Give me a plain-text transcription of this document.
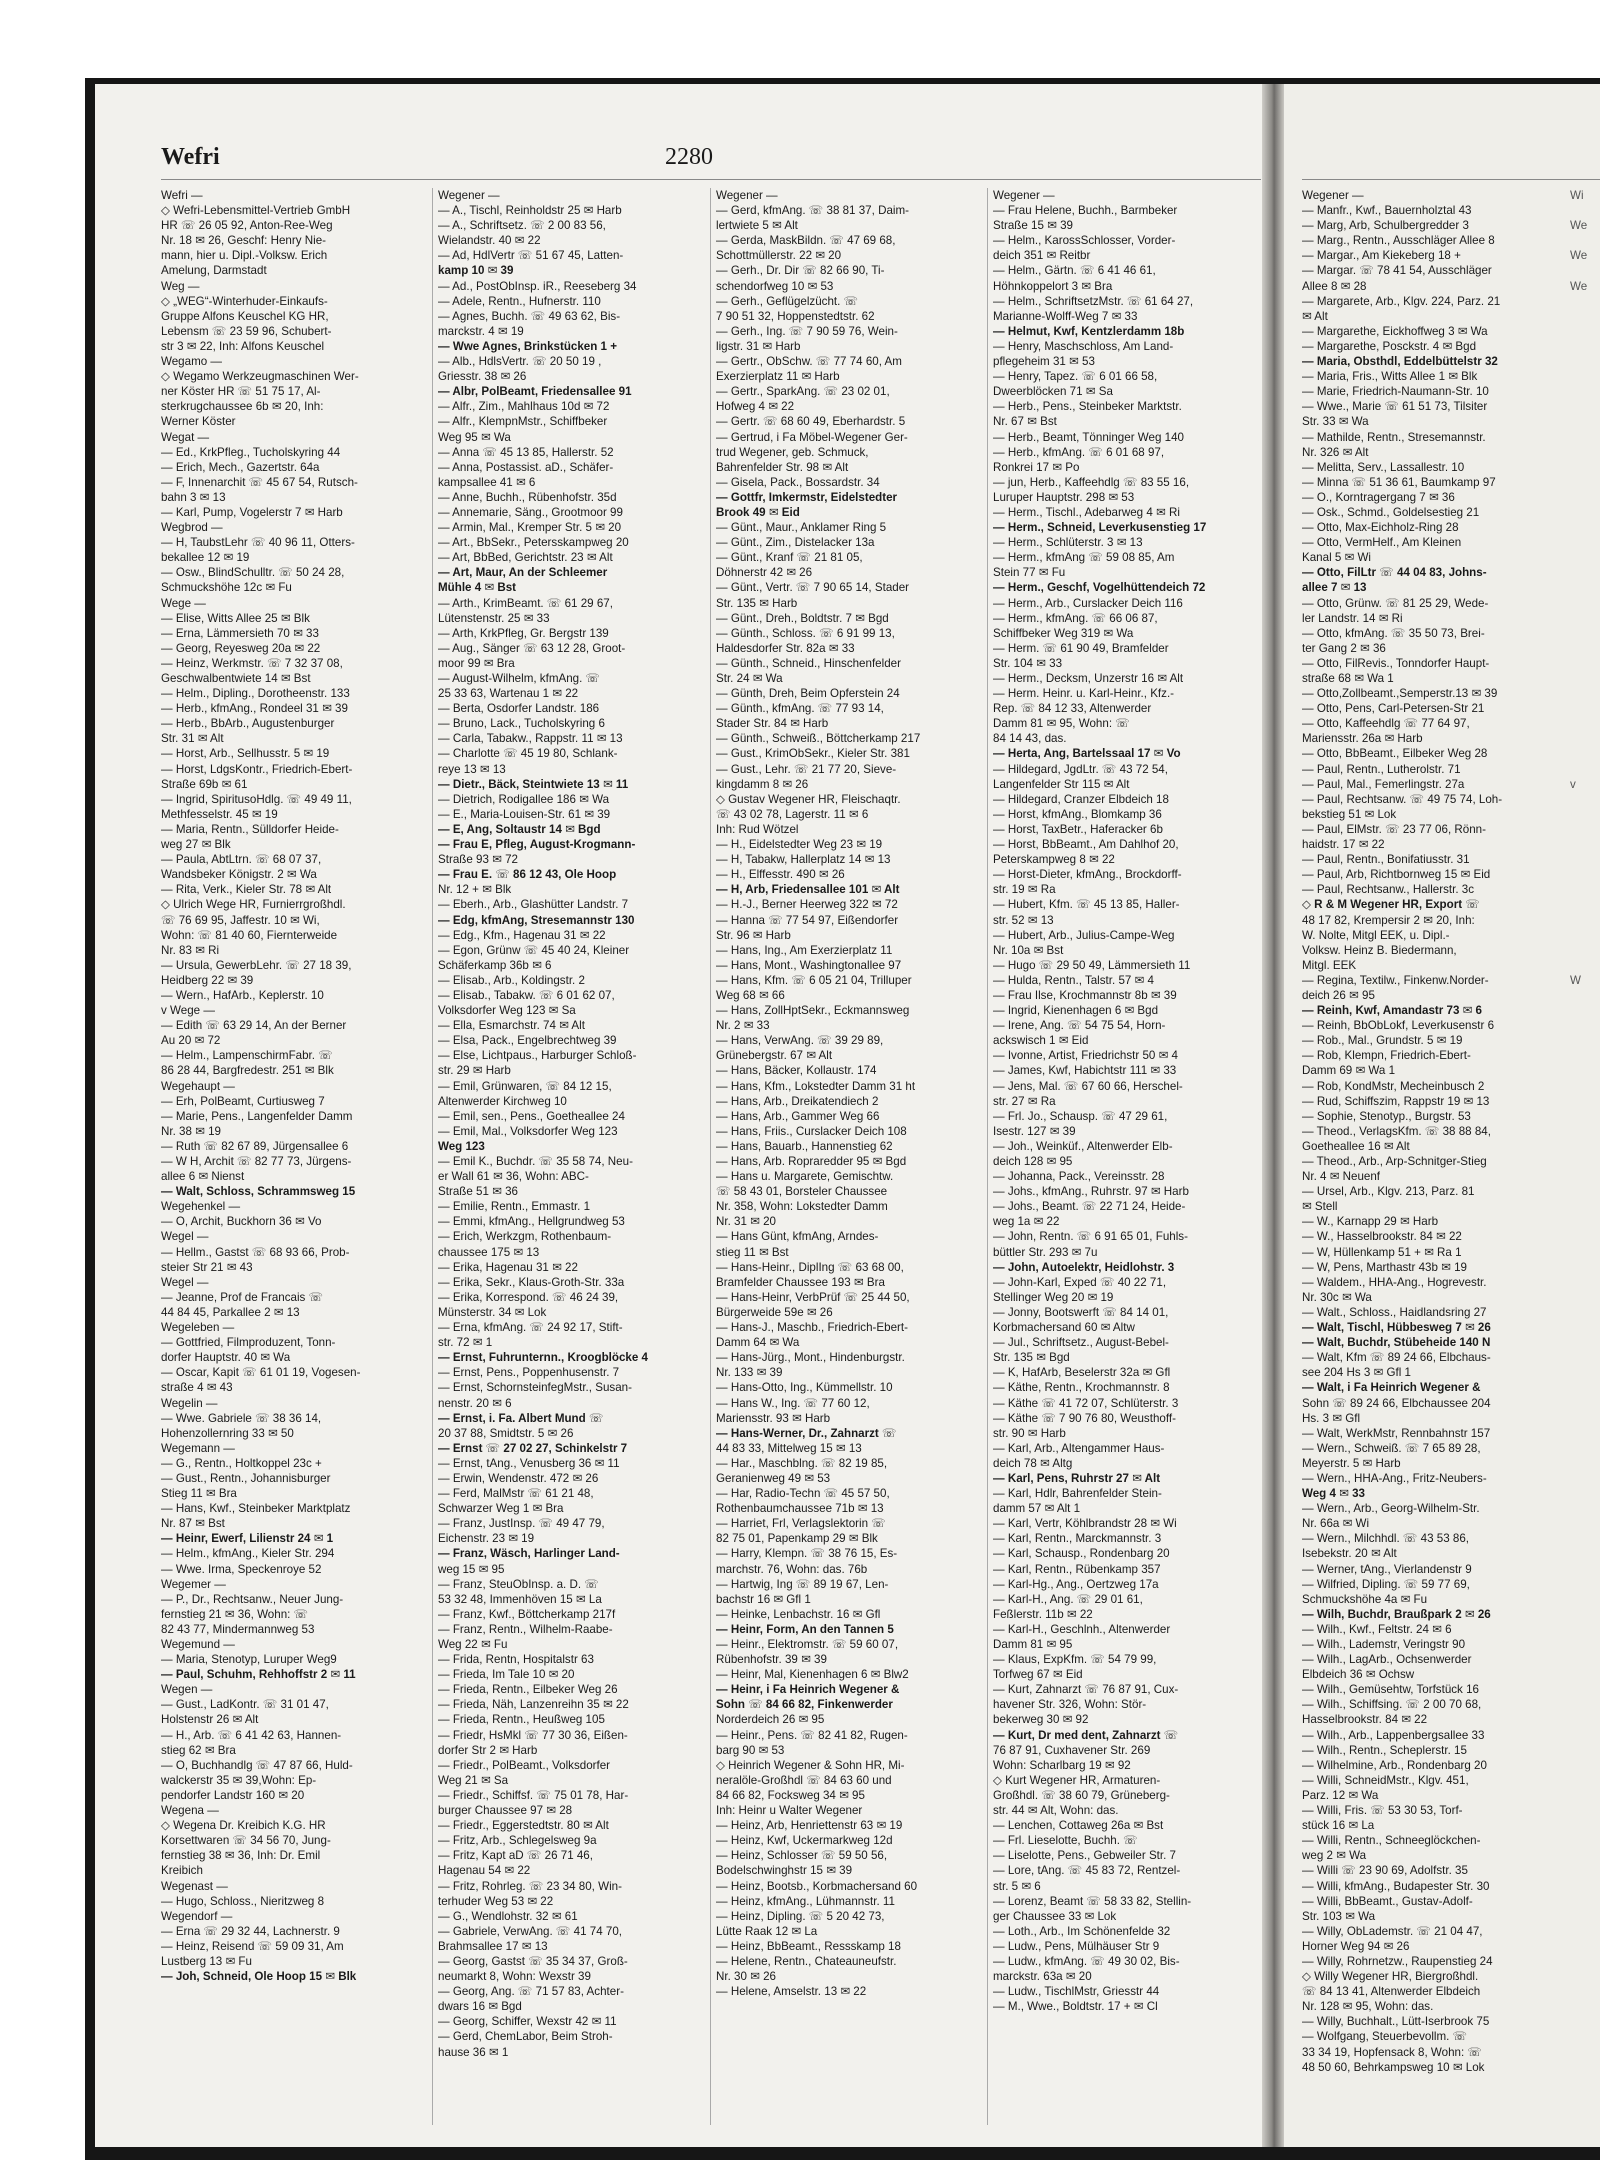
Wefri	2280
Wefri —
◇ Wefri-Lebensmittel-Vertrieb GmbH
HR ☏ 26 05 92, Anton-Ree-Weg
Nr. 18 ✉ 26, Geschf: Henry Nie-
mann, hier u. Dipl.-Volksw. Erich
Amelung, Darmstadt
Weg —
◇ „WEG“-Winterhuder-Einkaufs-
Gruppe Alfons Keuschel KG HR,
Lebensm ☏ 23 59 96, Schubert-
str 3 ✉ 22, Inh: Alfons Keuschel
Wegamo —
◇ Wegamo Werkzeugmaschinen Wer-
ner Köster HR ☏ 51 75 17, Al-
sterkrugchaussee 6b ✉ 20, Inh:
Werner Köster
Wegat —
— Ed., KrkPfleg., Tucholskyring 44
— Erich, Mech., Gazertstr. 64a
— F, Innenarchit ☏ 45 67 54, Rutsch-
bahn 3 ✉ 13
— Karl, Pump, Vogelerstr 7 ✉ Harb
Wegbrod —
— H, TaubstLehr ☏ 40 96 11, Otters-
bekallee 12 ✉ 19
— Osw., BlindSchulltr. ☏ 50 24 28,
Schmuckshöhe 12c ✉ Fu
Wege —
— Elise, Witts Allee 25 ✉ Blk
— Erna, Lämmersieth 70 ✉ 33
— Georg, Reyesweg 20a ✉ 22
— Heinz, Werkmstr. ☏ 7 32 37 08,
Geschwalbentwiete 14 ✉ Bst
— Helm., Dipling., Dorotheenstr. 133
— Herb., kfmAng., Rondeel 31 ✉ 39
— Herb., BbArb., Augustenburger
Str. 31 ✉ Alt
— Horst, Arb., Sellhusstr. 5 ✉ 19
— Horst, LdgsKontr., Friedrich-Ebert-
Straße 69b ✉ 61
— Ingrid, SpiritusoHdlg. ☏ 49 49 11,
Methfesselstr. 45 ✉ 19
— Maria, Rentn., Sülldorfer Heide-
weg 27 ✉ Blk
— Paula, AbtLtrn. ☏ 68 07 37,
Wandsbeker Königstr. 2 ✉ Wa
— Rita, Verk., Kieler Str. 78 ✉ Alt
◇ Ulrich Wege HR, Furnierrgroßhdl.
☏ 76 69 95, Jaffestr. 10 ✉ Wi,
Wohn: ☏ 81 40 60, Fiernterweide
Nr. 83 ✉ Ri
— Ursula, GewerbLehr. ☏ 27 18 39,
Heidberg 22 ✉ 39
— Wern., HafArb., Keplerstr. 10
v Wege —
— Edith ☏ 63 29 14, An der Berner
Au 20 ✉ 72
— Helm., LampenschirmFabr. ☏
86 28 44, Bargfredestr. 251 ✉ Blk
Wegehaupt —
— Erh, PolBeamt, Curtiusweg 7
— Marie, Pens., Langenfelder Damm
Nr. 38 ✉ 19
— Ruth ☏ 82 67 89, Jürgensallee 6
— W H, Archit ☏ 82 77 73, Jürgens-
allee 6 ✉ Nienst
— Walt, Schloss, Schrammsweg 15
Wegehenkel —
— O, Archit, Buckhorn 36 ✉ Vo
Wegel —
— Hellm., Gastst ☏ 68 93 66, Prob-
steier Str 21 ✉ 43
Wegel —
— Jeanne, Prof de Francais ☏
44 84 45, Parkallee 2 ✉ 13
Wegeleben —
— Gottfried, Filmproduzent, Tonn-
dorfer Hauptstr. 40 ✉ Wa
— Oscar, Kapit ☏ 61 01 19, Vogesen-
straße 4 ✉ 43
Wegelin —
— Wwe. Gabriele ☏ 38 36 14,
Hohenzollernring 33 ✉ 50
Wegemann —
— G., Rentn., Holtkoppel 23c +
— Gust., Rentn., Johannisburger
Stieg 11 ✉ Bra
— Hans, Kwf., Steinbeker Marktplatz
Nr. 87 ✉ Bst
— Heinr, Ewerf, Lilienstr 24 ✉ 1
— Helm., kfmAng., Kieler Str. 294
— Wwe. Irma, Speckenroye 52
Wegemer —
— P., Dr., Rechtsanw., Neuer Jung-
fernstieg 21 ✉ 36, Wohn: ☏
82 43 77, Mindermannweg 53
Wegemund —
— Maria, Stenotyp, Luruper Weg9
— Paul, Schuhm, Rehhoffstr 2 ✉ 11
Wegen —
— Gust., LadKontr. ☏ 31 01 47,
Holstenstr 26 ✉ Alt
— H., Arb. ☏ 6 41 42 63, Hannen-
stieg 62 ✉ Bra
— O, Buchhandlg ☏ 47 87 66, Huld-
walckerstr 35 ✉ 39,Wohn: Ep-
pendorfer Landstr 160 ✉ 20
Wegena —
◇ Wegena Dr. Kreibich K.G. HR
Korsettwaren ☏ 34 56 70, Jung-
fernstieg 38 ✉ 36, Inh: Dr. Emil
Kreibich
Wegenast —
— Hugo, Schloss., Nieritzweg 8
Wegendorf —
— Erna ☏ 29 32 44, Lachnerstr. 9
— Heinz, Reisend ☏ 59 09 31, Am
Lustberg 13 ✉ Fu
— Joh, Schneid, Ole Hoop 15 ✉ Blk
Wegener —
— A., Tischl, Reinholdstr 25 ✉ Harb
— A., Schriftsetz. ☏ 2 00 83 56,
Wielandstr. 40 ✉ 22
— Ad, HdlVertr ☏ 51 67 45, Latten-
kamp 10 ✉ 39
— Ad., PostObInsp. iR., Reeseberg 34
— Adele, Rentn., Hufnerstr. 110
— Agnes, Buchh. ☏ 49 63 62, Bis-
marckstr. 4 ✉ 19
— Wwe Agnes, Brinkstücken 1 +
— Alb., HdlsVertr. ☏ 20 50 19 ,
Griesstr. 38 ✉ 26
— Albr, PolBeamt, Friedensallee 91
— Alfr., Zim., Mahlhaus 10d ✉ 72
— Alfr., KlempnMstr., Schiffbeker
Weg 95 ✉ Wa
— Anna ☏ 45 13 85, Hallerstr. 52
— Anna, Postassist. aD., Schäfer-
kampsallee 41 ✉ 6
— Anne, Buchh., Rübenhofstr. 35d
— Annemarie, Säng., Grootmoor 99
— Armin, Mal., Kremper Str. 5 ✉ 20
— Art., BbSekr., Petersskampweg 20
— Art, BbBed, Gerichtstr. 23 ✉ Alt
— Art, Maur, An der Schleemer
Mühle 4 ✉ Bst
— Arth., KrimBeamt. ☏ 61 29 67,
Lütenstenstr. 25 ✉ 33
— Arth, KrkPfleg, Gr. Bergstr 139
— Aug., Sänger ☏ 63 12 28, Groot-
moor 99 ✉ Bra
— August-Wilhelm, kfmAng. ☏
25 33 63, Wartenau 1 ✉ 22
— Berta, Osdorfer Landstr. 186
— Bruno, Lack., Tucholskyring 6
— Carla, Tabakw., Rappstr. 11 ✉ 13
— Charlotte ☏ 45 19 80, Schlank-
reye 13 ✉ 13
— Dietr., Bäck, Steintwiete 13 ✉ 11
— Dietrich, Rodigallee 186 ✉ Wa
— E., Maria-Louisen-Str. 61 ✉ 39
— E, Ang, Soltaustr 14 ✉ Bgd
— Frau E, Pfleg, August-Krogmann-
Straße 93 ✉ 72
— Frau E. ☏ 86 12 43, Ole Hoop
Nr. 12 + ✉ Blk
— Eberh., Arb., Glashütter Landstr. 7
— Edg, kfmAng, Stresemannstr 130
— Edg., Kfm., Hagenau 31 ✉ 22
— Egon, Grünw ☏ 45 40 24, Kleiner
Schäferkamp 36b ✉ 6
— Elisab., Arb., Koldingstr. 2
— Elisab., Tabakw. ☏ 6 01 62 07,
Volksdorfer Weg 123 ✉ Sa
— Ella, Esmarchstr. 74 ✉ Alt
— Elsa, Pack., Engelbrechtweg 39
— Else, Lichtpaus., Harburger Schloß-
str. 29 ✉ Harb
— Emil, Grünwaren, ☏ 84 12 15,
Altenwerder Kirchweg 10
— Emil, sen., Pens., Goetheallee 24
— Emil, Mal., Volksdorfer Weg 123
Weg 123
— Emil K., Buchdr. ☏ 35 58 74, Neu-
er Wall 61 ✉ 36, Wohn: ABC-
Straße 51 ✉ 36
— Emilie, Rentn., Emmastr. 1
— Emmi, kfmAng., Hellgrundweg 53
— Erich, Werkzgm, Rothenbaum-
chaussee 175 ✉ 13
— Erika, Hagenau 31 ✉ 22
— Erika, Sekr., Klaus-Groth-Str. 33a
— Erika, Korrespond. ☏ 46 24 39,
Münsterstr. 34 ✉ Lok
— Erna, kfmAng. ☏ 24 92 17, Stift-
str. 72 ✉ 1
— Ernst, Fuhrunternn., Kroogblöcke 4
— Ernst, Pens., Poppenhusenstr. 7
— Ernst, SchornsteinfegMstr., Susan-
nenstr. 20 ✉ 6
— Ernst, i. Fa. Albert Mund ☏
20 37 88, Smidtstr. 5 ✉ 26
— Ernst ☏ 27 02 27, Schinkelstr 7
— Ernst, tAng., Venusberg 36 ✉ 11
— Erwin, Wendenstr. 472 ✉ 26
— Ferd, MalMstr ☏ 61 21 48,
Schwarzer Weg 1 ✉ Bra
— Franz, JustInsp. ☏ 49 47 79,
Eichenstr. 23 ✉ 19
— Franz, Wäsch, Harlinger Land-
weg 15 ✉ 95
— Franz, SteuObInsp. a. D. ☏
53 32 48, Immenhöven 15 ✉ La
— Franz, Kwf., Böttcherkamp 217f
— Franz, Rentn., Wilhelm-Raabe-
Weg 22 ✉ Fu
— Frida, Rentn, Hospitalstr 63
— Frieda, Im Tale 10 ✉ 20
— Frieda, Rentn., Eilbeker Weg 26
— Frieda, Näh, Lanzenreihn 35 ✉ 22
— Frieda, Rentn., Heußweg 105
— Friedr, HsMkl ☏ 77 30 36, Eißen-
dorfer Str 2 ✉ Harb
— Friedr., PolBeamt., Volksdorfer
Weg 21 ✉ Sa
— Friedr., Schiffsf. ☏ 75 01 78, Har-
burger Chaussee 97 ✉ 28
— Friedr., Eggerstedtstr. 80 ✉ Alt
— Fritz, Arb., Schlegelsweg 9a
— Fritz, Kapt aD ☏ 26 71 46,
Hagenau 54 ✉ 22
— Fritz, Rohrleg. ☏ 23 34 80, Win-
terhuder Weg 53 ✉ 22
— G., Wendlohstr. 32 ✉ 61
— Gabriele, VerwAng. ☏ 41 74 70,
Brahmsallee 17 ✉ 13
— Georg, Gastst ☏ 35 34 37, Groß-
neumarkt 8, Wohn: Wexstr 39
— Georg, Ang. ☏ 71 57 83, Achter-
dwars 16 ✉ Bgd
— Georg, Schiffer, Wexstr 42 ✉ 11
— Gerd, ChemLabor, Beim Stroh-
hause 36 ✉ 1
Wegener —
— Gerd, kfmAng. ☏ 38 81 37, Daim-
lertwiete 5 ✉ Alt
— Gerda, MaskBildn. ☏ 47 69 68,
Schottmüllerstr. 22 ✉ 20
— Gerh., Dr. Dir ☏ 82 66 90, Ti-
schendorfweg 10 ✉ 53
— Gerh., Geflügelzücht. ☏
7 90 51 32, Hoppenstedtstr. 62
— Gerh., Ing. ☏ 7 90 59 76, Wein-
ligstr. 31 ✉ Harb
— Gertr., ObSchw. ☏ 77 74 60, Am
Exerzierplatz 11 ✉ Harb
— Gertr., SparkAng. ☏ 23 02 01,
Hofweg 4 ✉ 22
— Gertr. ☏ 68 60 49, Eberhardstr. 5
— Gertrud, i Fa Möbel-Wegener Ger-
trud Wegener, geb. Schmuck,
Bahrenfelder Str. 98 ✉ Alt
— Gisela, Pack., Bossardstr. 34
— Gottfr, Imkermstr, Eidelstedter
Brook 49 ✉ Eid
— Günt., Maur., Anklamer Ring 5
— Günt., Zim., Distelacker 13a
— Günt., Kranf ☏ 21 81 05,
Döhnerstr 42 ✉ 26
— Günt., Vertr. ☏ 7 90 65 14, Stader
Str. 135 ✉ Harb
— Günt., Dreh., Boldtstr. 7 ✉ Bgd
— Günth., Schloss. ☏ 6 91 99 13,
Haldesdorfer Str. 82a ✉ 33
— Günth., Schneid., Hinschenfelder
Str. 24 ✉ Wa
— Günth, Dreh, Beim Opferstein 24
— Günth., kfmAng. ☏ 77 93 14,
Stader Str. 84 ✉ Harb
— Günth., Schweiß., Böttcherkamp 217
— Gust., KrimObSekr., Kieler Str. 381
— Gust., Lehr. ☏ 21 77 20, Sieve-
kingdamm 8 ✉ 26
◇ Gustav Wegener HR, Fleischaqtr.
☏ 43 02 78, Lagerstr. 11 ✉ 6
Inh: Rud Wötzel
— H., Eidelstedter Weg 23 ✉ 19
— H, Tabakw, Hallerplatz 14 ✉ 13
— H., Elffesstr. 490 ✉ 26
— H, Arb, Friedensallee 101 ✉ Alt
— H.-J., Berner Heerweg 322 ✉ 72
— Hanna ☏ 77 54 97, Eißendorfer
Str. 96 ✉ Harb
— Hans, Ing., Am Exerzierplatz 11
— Hans, Mont., Washingtonallee 97
— Hans, Kfm. ☏ 6 05 21 04, Trilluper
Weg 68 ✉ 66
— Hans, ZollHptSekr., Eckmannsweg
Nr. 2 ✉ 33
— Hans, VerwAng. ☏ 39 29 89,
Grünebergstr. 67 ✉ Alt
— Hans, Bäcker, Kollaustr. 174
— Hans, Kfm., Lokstedter Damm 31 ht
— Hans, Arb., Dreikatendiech 2
— Hans, Arb., Gammer Weg 66
— Hans, Friis., Curslacker Deich 108
— Hans, Bauarb., Hannenstieg 62
— Hans, Arb. Ropraredder 95 ✉ Bgd
— Hans u. Margarete, Gemischtw.
☏ 58 43 01, Borsteler Chaussee
Nr. 358, Wohn: Lokstedter Damm
Nr. 31 ✉ 20
— Hans Günt, kfmAng, Arndes-
stieg 11 ✉ Bst
— Hans-Heinr., DiplIng ☏ 63 68 00,
Bramfelder Chaussee 193 ✉ Bra
— Hans-Heinr, VerbPrüf ☏ 25 44 50,
Bürgerweide 59e ✉ 26
— Hans-J., Maschb., Friedrich-Ebert-
Damm 64 ✉ Wa
— Hans-Jürg., Mont., Hindenburgstr.
Nr. 133 ✉ 39
— Hans-Otto, Ing., Kümmellstr. 10
— Hans W., Ing. ☏ 77 60 12,
Mariensstr. 93 ✉ Harb
— Hans-Werner, Dr., Zahnarzt ☏
44 83 33, Mittelweg 15 ✉ 13
— Har., Maschblng. ☏ 82 19 85,
Geranienweg 49 ✉ 53
— Har, Radio-Techn ☏ 45 57 50,
Rothenbaumchaussee 71b ✉ 13
— Harriet, Frl, Verlagslektorin ☏
82 75 01, Papenkamp 29 ✉ Blk
— Harry, Klempn. ☏ 38 76 15, Es-
marchstr. 76, Wohn: das. 76b
— Hartwig, Ing ☏ 89 19 67, Len-
bachstr 16 ✉ Gfl 1
— Heinke, Lenbachstr. 16 ✉ Gfl
— Heinr, Form, An den Tannen 5
— Heinr., Elektromstr. ☏ 59 60 07,
Rübenhofstr. 39 ✉ 39
— Heinr, Mal, Kienenhagen 6 ✉ Blw2
— Heinr, i Fa Heinrich Wegener &
Sohn ☏ 84 66 82, Finkenwerder
Norderdeich 26 ✉ 95
— Heinr., Pens. ☏ 82 41 82, Rugen-
barg 90 ✉ 53
◇ Heinrich Wegener & Sohn HR, Mi-
neralöle-Großhdl ☏ 84 63 60 und
84 66 82, Focksweg 34 ✉ 95
Inh: Heinr u Walter Wegener
— Heinz, Arb, Henriettenstr 63 ✉ 19
— Heinz, Kwf, Uckermarkweg 12d
— Heinz, Schlosser ☏ 59 50 56,
Bodelschwinghstr 15 ✉ 39
— Heinz, Bootsb., Korbmachersand 60
— Heinz, kfmAng., Lühmannstr. 11
— Heinz, Dipling. ☏ 5 20 42 73,
Lütte Raak 12 ✉ La
— Heinz, BbBeamt., Ressskamp 18
— Helene, Rentn., Chateauneufstr.
Nr. 30 ✉ 26
— Helene, Amselstr. 13 ✉ 22
Wegener —
— Frau Helene, Buchh., Barmbeker
Straße 15 ✉ 39
— Helm., KarossSchlosser, Vorder-
deich 351 ✉ Reitbr
— Helm., Gärtn. ☏ 6 41 46 61,
Höhnkoppelort 3 ✉ Bra
— Helm., SchriftsetzMstr. ☏ 61 64 27,
Marianne-Wolff-Weg 7 ✉ 33
— Helmut, Kwf, Kentzlerdamm 18b
— Henry, Maschschloss, Am Land-
pflegeheim 31 ✉ 53
— Henry, Tapez. ☏ 6 01 66 58,
Dweerblöcken 71 ✉ Sa
— Herb., Pens., Steinbeker Marktstr.
Nr. 67 ✉ Bst
— Herb., Beamt, Tönninger Weg 140
— Herb., kfmAng. ☏ 6 01 68 97,
Ronkrei 17 ✉ Po
— jun, Herb., Kaffeehdlg ☏ 83 55 16,
Luruper Hauptstr. 298 ✉ 53
— Herm., Tischl., Adebarweg 4 ✉ Ri
— Herm., Schneid, Leverkusenstieg 17
— Herm., Schlüterstr. 3 ✉ 13
— Herm., kfmAng ☏ 59 08 85, Am
Stein 77 ✉ Fu
— Herm., Geschf, Vogelhüttendeich 72
— Herm., Arb., Curslacker Deich 116
— Herm., kfmAng. ☏ 66 06 87,
Schiffbeker Weg 319 ✉ Wa
— Herm. ☏ 61 90 49, Bramfelder
Str. 104 ✉ 33
— Herm., Decksm, Unzerstr 16 ✉ Alt
— Herm. Heinr. u. Karl-Heinr., Kfz.-
Rep. ☏ 84 12 33, Altenwerder
Damm 81 ✉ 95, Wohn: ☏
84 14 43, das.
— Herta, Ang, Bartelssaal 17 ✉ Vo
— Hildegard, JgdLtr. ☏ 43 72 54,
Langenfelder Str 115 ✉ Alt
— Hildegard, Cranzer Elbdeich 18
— Horst, kfmAng., Blomkamp 36
— Horst, TaxBetr., Haferacker 6b
— Horst, BbBeamt., Am Dahlhof 20,
Peterskampweg 8 ✉ 22
— Horst-Dieter, kfmAng., Brockdorff-
str. 19 ✉ Ra
— Hubert, Kfm. ☏ 45 13 85, Haller-
str. 52 ✉ 13
— Hubert, Arb., Julius-Campe-Weg
Nr. 10a ✉ Bst
— Hugo ☏ 29 50 49, Lämmersieth 11
— Hulda, Rentn., Talstr. 57 ✉ 4
— Frau Ilse, Krochmannstr 8b ✉ 39
— Ingrid, Kienenhagen 6 ✉ Bgd
— Irene, Ang. ☏ 54 75 54, Horn-
ackswisch 1 ✉ Eid
— Ivonne, Artist, Friedrichstr 50 ✉ 4
— James, Kwf, Habichtstr 111 ✉ 33
— Jens, Mal. ☏ 67 60 66, Herschel-
str. 27 ✉ Ra
— Frl. Jo., Schausp. ☏ 47 29 61,
Isestr. 127 ✉ 39
— Joh., Weinküf., Altenwerder Elb-
deich 128 ✉ 95
— Johanna, Pack., Vereinsstr. 28
— Johs., kfmAng., Ruhrstr. 97 ✉ Harb
— Johs., Beamt. ☏ 22 71 24, Heide-
weg 1a ✉ 22
— John, Rentn. ☏ 6 91 65 01, Fuhls-
büttler Str. 293 ✉ 7u
— John, Autoelektr, Heidlohstr. 3
— John-Karl, Exped ☏ 40 22 71,
Stellinger Weg 20 ✉ 19
— Jonny, Bootswerft ☏ 84 14 01,
Korbmachersand 60 ✉ Altw
— Jul., Schriftsetz., August-Bebel-
Str. 135 ✉ Bgd
— K, HafArb, Beselerstr 32a ✉ Gfl
— Käthe, Rentn., Krochmannstr. 8
— Käthe ☏ 41 72 07, Schlüterstr. 3
— Käthe ☏ 7 90 76 80, Weusthoff-
str. 90 ✉ Harb
— Karl, Arb., Altengammer Haus-
deich 78 ✉ Altg
— Karl, Pens, Ruhrstr 27 ✉ Alt
— Karl, Hdlr, Bahrenfelder Stein-
damm 57 ✉ Alt 1
— Karl, Vertr, Köhlbrandstr 28 ✉ Wi
— Karl, Rentn., Marckmannstr. 3
— Karl, Schausp., Rondenbarg 20
— Karl, Rentn., Rübenkamp 357
— Karl-Hg., Ang., Oertzweg 17a
— Karl-H., Ang. ☏ 29 01 61,
Feßlerstr. 11b ✉ 22
— Karl-H., Geschlnh., Altenwerder
Damm 81 ✉ 95
— Klaus, ExpKfm. ☏ 54 79 99,
Torfweg 67 ✉ Eid
— Kurt, Zahnarzt ☏ 76 87 91, Cux-
havener Str. 326, Wohn: Stör-
bekerweg 30 ✉ 92
— Kurt, Dr med dent, Zahnarzt ☏
76 87 91, Cuxhavener Str. 269
Wohn: Scharlbarg 19 ✉ 92
◇ Kurt Wegener HR, Armaturen-
Großhdl. ☏ 38 60 79, Grüneberg-
str. 44 ✉ Alt, Wohn: das.
— Lenchen, Cottaweg 26a ✉ Bst
— Frl. Lieselotte, Buchh. ☏
— Liselotte, Pens., Gebweiler Str. 7
— Lore, tAng. ☏ 45 83 72, Rentzel-
str. 5 ✉ 6
— Lorenz, Beamt ☏ 58 33 82, Stellin-
ger Chaussee 33 ✉ Lok
— Loth., Arb., Im Schönenfelde 32
— Ludw., Pens, Mülhäuser Str 9
— Ludw., kfmAng. ☏ 49 30 02, Bis-
marckstr. 63a ✉ 20
— Ludw., TischlMstr, Griesstr 44
— M., Wwe., Boldtstr. 17 + ✉ Cl
Wegener —
— Manfr., Kwf., Bauernholztal 43
— Marg, Arb, Schulbergredder 3
— Marg., Rentn., Ausschläger Allee 8
— Margar., Am Kiekeberg 18 +
— Margar. ☏ 78 41 54, Ausschläger
Allee 8 ✉ 28
— Margarete, Arb., Klgv. 224, Parz. 21
✉ Alt
— Margarethe, Eickhoffweg 3 ✉ Wa
— Margarethe, Posckstr. 4 ✉ Bgd
— Maria, Obsthdl, Eddelbüttelstr 32
— Maria, Fris., Witts Allee 1 ✉ Blk
— Marie, Friedrich-Naumann-Str. 10
— Wwe., Marie ☏ 61 51 73, Tilsiter
Str. 33 ✉ Wa
— Mathilde, Rentn., Stresemannstr.
Nr. 326 ✉ Alt
— Melitta, Serv., Lassallestr. 10
— Minna ☏ 51 36 61, Baumkamp 97
— O., Korntragergang 7 ✉ 36
— Osk., Schmd., Goldelsestieg 21
— Otto, Max-Eichholz-Ring 28
— Otto, VermHelf., Am Kleinen
Kanal 5 ✉ Wi
— Otto, FilLtr ☏ 44 04 83, Johns-
allee 7 ✉ 13
— Otto, Grünw. ☏ 81 25 29, Wede-
ler Landstr. 14 ✉ Ri
— Otto, kfmAng. ☏ 35 50 73, Brei-
ter Gang 2 ✉ 36
— Otto, FilRevis., Tonndorfer Haupt-
straße 68 ✉ Wa 1
— Otto,Zollbeamt.,Semperstr.13 ✉ 39
— Otto, Pens, Carl-Petersen-Str 21
— Otto, Kaffeehdlg ☏ 77 64 97,
Mariensstr. 26a ✉ Harb
— Otto, BbBeamt., Eilbeker Weg 28
— Paul, Rentn., Lutherolstr. 71
— Paul, Mal., Femerlingstr. 27a
— Paul, Rechtsanw. ☏ 49 75 74, Loh-
bekstieg 51 ✉ Lok
— Paul, ElMstr. ☏ 23 77 06, Rönn-
haidstr. 17 ✉ 22
— Paul, Rentn., Bonifatiusstr. 31
— Paul, Arb, Richtbornweg 15 ✉ Eid
— Paul, Rechtsanw., Hallerstr. 3c
◇ R & M Wegener HR, Export ☏
48 17 82, Krempersir 2 ✉ 20, Inh:
W. Nolte, Mitgl EEK, u. Dipl.-
Volksw. Heinz B. Biedermann,
Mitgl. EEK
— Regina, Textilw., Finkenw.Norder-
deich 26 ✉ 95
— Reinh, Kwf, Amandastr 73 ✉ 6
— Reinh, BbObLokf, Leverkusenstr 6
— Rob., Mal., Grundstr. 5 ✉ 19
— Rob, Klempn, Friedrich-Ebert-
Damm 69 ✉ Wa 1
— Rob, KondMstr, Mecheinbusch 2
— Rud, Schiffszim, Rappstr 19 ✉ 13
— Sophie, Stenotyp., Burgstr. 53
— Theod., VerlagsKfm. ☏ 38 88 84,
Goetheallee 16 ✉ Alt
— Theod., Arb., Arp-Schnitger-Stieg
Nr. 4 ✉ Neuenf
— Ursel, Arb., Klgv. 213, Parz. 81
✉ Stell
— W., Karnapp 29 ✉ Harb
— W., Hasselbrookstr. 84 ✉ 22
— W, Hüllenkamp 51 + ✉ Ra 1
— W, Pens, Marthastr 43b ✉ 19
— Waldem., HHA-Ang., Hogrevestr.
Nr. 30c ✉ Wa
— Walt., Schloss., Haidlandsring 27
— Walt, Tischl, Hübbesweg 7 ✉ 26
— Walt, Buchdr, Stübeheide 140 N
— Walt, Kfm ☏ 89 24 66, Elbchaus-
see 204 Hs 3 ✉ Gfl 1
— Walt, i Fa Heinrich Wegener &
Sohn ☏ 89 24 66, Elbchaussee 204
Hs. 3 ✉ Gfl
— Walt, WerkMstr, Rennbahnstr 157
— Wern., Schweiß. ☏ 7 65 89 28,
Meyerstr. 5 ✉ Harb
— Wern., HHA-Ang., Fritz-Neubers-
Weg 4 ✉ 33
— Wern., Arb., Georg-Wilhelm-Str.
Nr. 66a ✉ Wi
— Wern., Milchhdl. ☏ 43 53 86,
Isebekstr. 20 ✉ Alt
— Werner, tAng., Vierlandenstr 9
— Wilfried, Dipling. ☏ 59 77 69,
Schmuckshöhe 4a ✉ Fu
— Wilh, Buchdr, Braußpark 2 ✉ 26
— Wilh., Kwf., Feltstr. 24 ✉ 6
— Wilh., Lademstr, Veringstr 90
— Wilh., LagArb., Ochsenwerder
Elbdeich 36 ✉ Ochsw
— Wilh., Gemüsehtw, Torfstück 16
— Wilh., Schiffsing. ☏ 2 00 70 68,
Hasselbrookstr. 84 ✉ 22
— Wilh., Arb., Lappenbergsallee 33
— Wilh., Rentn., Scheplerstr. 15
— Wilhelmine, Arb., Rondenbarg 20
— Willi, SchneidMstr., Klgv. 451,
Parz. 12 ✉ Wa
— Willi, Fris. ☏ 53 30 53, Torf-
stück 16 ✉ La
— Willi, Rentn., Schneeglöckchen-
weg 2 ✉ Wa
— Willi ☏ 23 90 69, Adolfstr. 35
— Willi, kfmAng., Budapester Str. 30
— Willi, BbBeamt., Gustav-Adolf-
Str. 103 ✉ Wa
— Willy, ObLademstr. ☏ 21 04 47,
Horner Weg 94 ✉ 26
— Willy, Rohrnetzw., Raupenstieg 24
◇ Willy Wegener HR, Biergroßhdl.
☏ 84 13 41, Altenwerder Elbdeich
Nr. 128 ✉ 95, Wohn: das.
— Willy, Buchhalt., Lütt-Iserbrook 75
— Wolfgang, Steuerbevollm. ☏
33 34 19, Hopfensack 8, Wohn: ☏
48 50 60, Behrkampsweg 10 ✉ Lok
Wi

We

We

We

v

W
